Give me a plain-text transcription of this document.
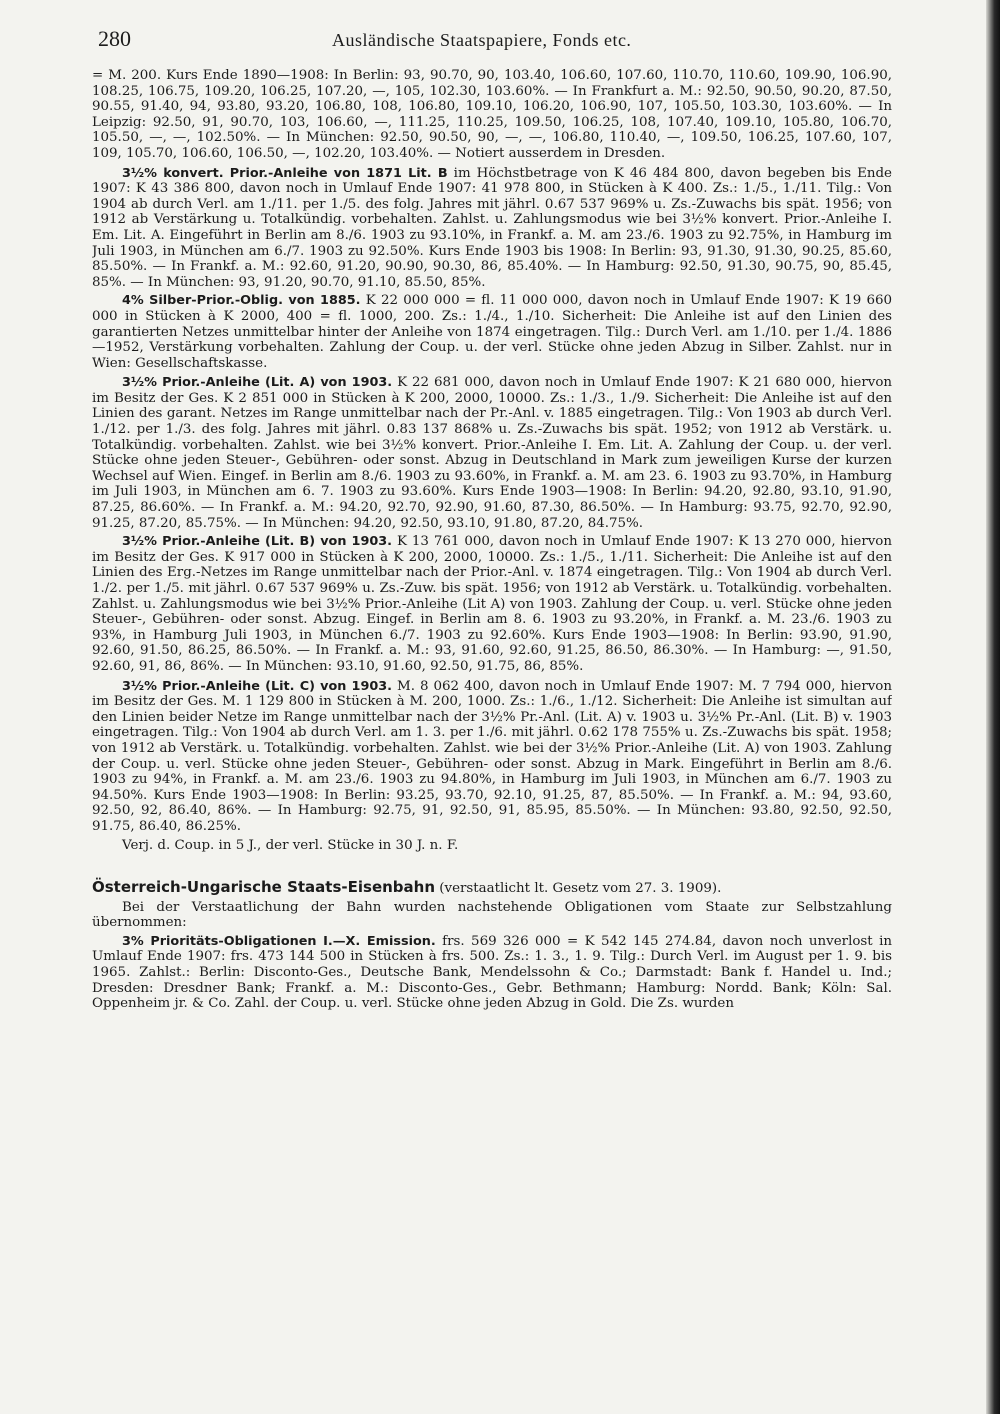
280	Ausländische Staatspapiere, Fonds etc.

= M. 200. Kurs Ende 1890—1908: In Berlin: 93, 90.70, 90, 103.40, 106.60, 107.60, 110.70, 110.60, 109.90, 106.90, 108.25, 106.75, 109.20, 106.25, 107.20, —, 105, 102.30, 103.60%. — In Frankfurt a. M.: 92.50, 90.50, 90.20, 87.50, 90.55, 91.40, 94, 93.80, 93.20, 106.80, 108, 106.80, 109.10, 106.20, 106.90, 107, 105.50, 103.30, 103.60%. — In Leipzig: 92.50, 91, 90.70, 103, 106.60, —, 111.25, 110.25, 109.50, 106.25, 108, 107.40, 109.10, 105.80, 106.70, 105.50, —, —, 102.50%. — In München: 92.50, 90.50, 90, —, —, 106.80, 110.40, —, 109.50, 106.25, 107.60, 107, 109, 105.70, 106.60, 106.50, —, 102.20, 103.40%. — Notiert ausserdem in Dresden.

3½% konvert. Prior.-Anleihe von 1871 Lit. B im Höchstbetrage von K 46 484 800, davon begeben bis Ende 1907: K 43 386 800, davon noch in Umlauf Ende 1907: 41 978 800, in Stücken à K 400. Zs.: 1./5., 1./11. Tilg.: Von 1904 ab durch Verl. am 1./11. per 1./5. des folg. Jahres mit jährl. 0.67 537 969% u. Zs.-Zuwachs bis spät. 1956; von 1912 ab Verstärkung u. Totalkündig. vorbehalten. Zahlst. u. Zahlungsmodus wie bei 3½% konvert. Prior.-Anleihe I. Em. Lit. A. Eingeführt in Berlin am 8./6. 1903 zu 93.10%, in Frankf. a. M. am 23./6. 1903 zu 92.75%, in Hamburg im Juli 1903, in München am 6./7. 1903 zu 92.50%. Kurs Ende 1903 bis 1908: In Berlin: 93, 91.30, 91.30, 90.25, 85.60, 85.50%. — In Frankf. a. M.: 92.60, 91.20, 90.90, 90.30, 86, 85.40%. — In Hamburg: 92.50, 91.30, 90.75, 90, 85.45, 85%. — In München: 93, 91.20, 90.70, 91.10, 85.50, 85%.

4% Silber-Prior.-Oblig. von 1885. K 22 000 000 = fl. 11 000 000, davon noch in Umlauf Ende 1907: K 19 660 000 in Stücken à K 2000, 400 = fl. 1000, 200. Zs.: 1./4., 1./10. Sicherheit: Die Anleihe ist auf den Linien des garantierten Netzes unmittelbar hinter der Anleihe von 1874 eingetragen. Tilg.: Durch Verl. am 1./10. per 1./4. 1886—1952, Verstärkung vorbehalten. Zahlung der Coup. u. der verl. Stücke ohne jeden Abzug in Silber. Zahlst. nur in Wien: Gesellschaftskasse.

3½% Prior.-Anleihe (Lit. A) von 1903. K 22 681 000, davon noch in Umlauf Ende 1907: K 21 680 000, hiervon im Besitz der Ges. K 2 851 000 in Stücken à K 200, 2000, 10000. Zs.: 1./3., 1./9. Sicherheit: Die Anleihe ist auf den Linien des garant. Netzes im Range unmittelbar nach der Pr.-Anl. v. 1885 eingetragen. Tilg.: Von 1903 ab durch Verl. 1./12. per 1./3. des folg. Jahres mit jährl. 0.83 137 868% u. Zs.-Zuwachs bis spät. 1952; von 1912 ab Verstärk. u. Totalkündig. vorbehalten. Zahlst. wie bei 3½% konvert. Prior.-Anleihe I. Em. Lit. A. Zahlung der Coup. u. der verl. Stücke ohne jeden Steuer-, Gebühren- oder sonst. Abzug in Deutschland in Mark zum jeweiligen Kurse der kurzen Wechsel auf Wien. Eingef. in Berlin am 8./6. 1903 zu 93.60%, in Frankf. a. M. am 23. 6. 1903 zu 93.70%, in Hamburg im Juli 1903, in München am 6. 7. 1903 zu 93.60%. Kurs Ende 1903—1908: In Berlin: 94.20, 92.80, 93.10, 91.90, 87.25, 86.60%. — In Frankf. a. M.: 94.20, 92.70, 92.90, 91.60, 87.30, 86.50%. — In Hamburg: 93.75, 92.70, 92.90, 91.25, 87.20, 85.75%. — In München: 94.20, 92.50, 93.10, 91.80, 87.20, 84.75%.

3½% Prior.-Anleihe (Lit. B) von 1903. K 13 761 000, davon noch in Umlauf Ende 1907: K 13 270 000, hiervon im Besitz der Ges. K 917 000 in Stücken à K 200, 2000, 10000. Zs.: 1./5., 1./11. Sicherheit: Die Anleihe ist auf den Linien des Erg.-Netzes im Range unmittelbar nach der Prior.-Anl. v. 1874 eingetragen. Tilg.: Von 1904 ab durch Verl. 1./2. per 1./5. mit jährl. 0.67 537 969% u. Zs.-Zuw. bis spät. 1956; von 1912 ab Verstärk. u. Totalkündig. vorbehalten. Zahlst. u. Zahlungsmodus wie bei 3½% Prior.-Anleihe (Lit A) von 1903. Zahlung der Coup. u. verl. Stücke ohne jeden Steuer-, Gebühren- oder sonst. Abzug. Eingef. in Berlin am 8. 6. 1903 zu 93.20%, in Frankf. a. M. 23./6. 1903 zu 93%, in Hamburg Juli 1903, in München 6./7. 1903 zu 92.60%. Kurs Ende 1903—1908: In Berlin: 93.90, 91.90, 92.60, 91.50, 86.25, 86.50%. — In Frankf. a. M.: 93, 91.60, 92.60, 91.25, 86.50, 86.30%. — In Hamburg: —, 91.50, 92.60, 91, 86, 86%. — In München: 93.10, 91.60, 92.50, 91.75, 86, 85%.

3½% Prior.-Anleihe (Lit. C) von 1903. M. 8 062 400, davon noch in Umlauf Ende 1907: M. 7 794 000, hiervon im Besitz der Ges. M. 1 129 800 in Stücken à M. 200, 1000. Zs.: 1./6., 1./12. Sicherheit: Die Anleihe ist simultan auf den Linien beider Netze im Range unmittelbar nach der 3½% Pr.-Anl. (Lit. A) v. 1903 u. 3½% Pr.-Anl. (Lit. B) v. 1903 eingetragen. Tilg.: Von 1904 ab durch Verl. am 1. 3. per 1./6. mit jährl. 0.62 178 755% u. Zs.-Zuwachs bis spät. 1958; von 1912 ab Verstärk. u. Totalkündig. vorbehalten. Zahlst. wie bei der 3½% Prior.-Anleihe (Lit. A) von 1903. Zahlung der Coup. u. verl. Stücke ohne jeden Steuer-, Gebühren- oder sonst. Abzug in Mark. Eingeführt in Berlin am 8./6. 1903 zu 94%, in Frankf. a. M. am 23./6. 1903 zu 94.80%, in Hamburg im Juli 1903, in München am 6./7. 1903 zu 94.50%. Kurs Ende 1903—1908: In Berlin: 93.25, 93.70, 92.10, 91.25, 87, 85.50%. — In Frankf. a. M.: 94, 93.60, 92.50, 92, 86.40, 86%. — In Hamburg: 92.75, 91, 92.50, 91, 85.95, 85.50%. — In München: 93.80, 92.50, 92.50, 91.75, 86.40, 86.25%.

Verj. d. Coup. in 5 J., der verl. Stücke in 30 J. n. F.

Österreich-Ungarische Staats-Eisenbahn (verstaatlicht lt. Gesetz vom 27. 3. 1909).

Bei der Verstaatlichung der Bahn wurden nachstehende Obligationen vom Staate zur Selbstzahlung übernommen:

3% Prioritäts-Obligationen I.—X. Emission. frs. 569 326 000 = K 542 145 274.84, davon noch unverlost in Umlauf Ende 1907: frs. 473 144 500 in Stücken à frs. 500. Zs.: 1. 3., 1. 9. Tilg.: Durch Verl. im August per 1. 9. bis 1965. Zahlst.: Berlin: Disconto-Ges., Deutsche Bank, Mendelssohn & Co.; Darmstadt: Bank f. Handel u. Ind.; Dresden: Dresdner Bank; Frankf. a. M.: Disconto-Ges., Gebr. Bethmann; Hamburg: Nordd. Bank; Köln: Sal. Oppenheim jr. & Co. Zahl. der Coup. u. verl. Stücke ohne jeden Abzug in Gold. Die Zs. wurden
